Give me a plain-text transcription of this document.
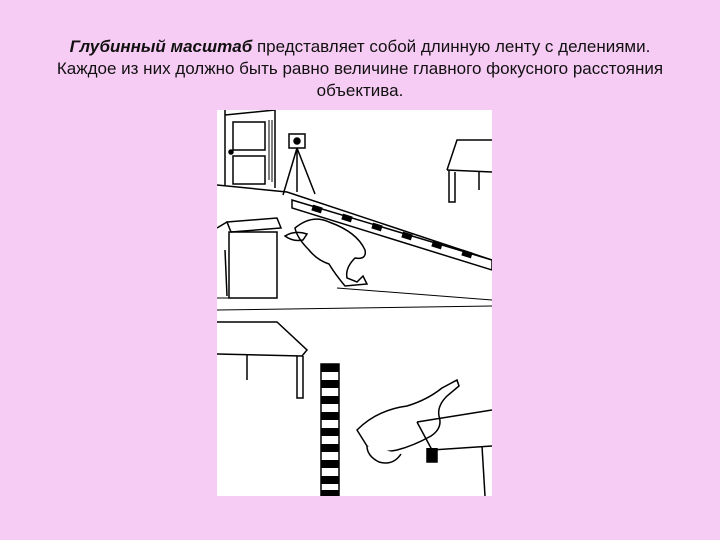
Глубинный масштаб представляет собой длинную ленту с делениями. Каждое из них должно быть равно величине главного фокусного расстояния объектива.
